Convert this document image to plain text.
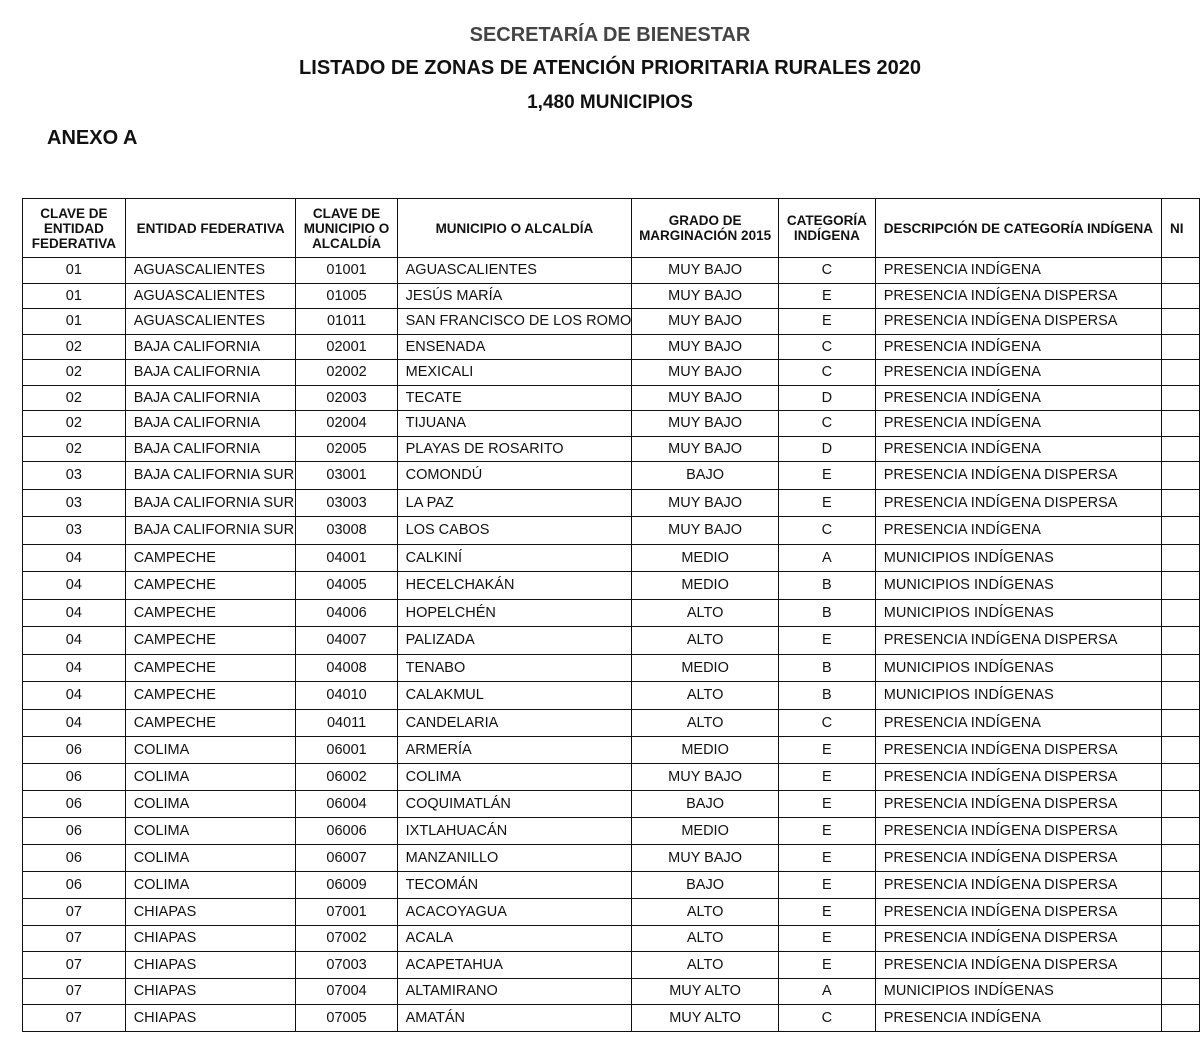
SECRETARÍA DE BIENESTAR
LISTADO DE ZONAS DE ATENCIÓN PRIORITARIA RURALES 2020
1,480 MUNICIPIOS
ANEXO A
CLAVE DE ENTIDAD FEDERATIVA	ENTIDAD FEDERATIVA	CLAVE DE MUNICIPIO O ALCALDÍA	MUNICIPIO O ALCALDÍA	GRADO DE MARGINACIÓN 2015	CATEGORÍA INDÍGENA	DESCRIPCIÓN DE CATEGORÍA INDÍGENA	NI
01	AGUASCALIENTES	01001	AGUASCALIENTES	MUY BAJO	C	PRESENCIA INDÍGENA	
01	AGUASCALIENTES	01005	JESÚS MARÍA	MUY BAJO	E	PRESENCIA INDÍGENA DISPERSA	
01	AGUASCALIENTES	01011	SAN FRANCISCO DE LOS ROMO	MUY BAJO	E	PRESENCIA INDÍGENA DISPERSA	
02	BAJA CALIFORNIA	02001	ENSENADA	MUY BAJO	C	PRESENCIA INDÍGENA	
02	BAJA CALIFORNIA	02002	MEXICALI	MUY BAJO	C	PRESENCIA INDÍGENA	
02	BAJA CALIFORNIA	02003	TECATE	MUY BAJO	D	PRESENCIA INDÍGENA	
02	BAJA CALIFORNIA	02004	TIJUANA	MUY BAJO	C	PRESENCIA INDÍGENA	
02	BAJA CALIFORNIA	02005	PLAYAS DE ROSARITO	MUY BAJO	D	PRESENCIA INDÍGENA	
03	BAJA CALIFORNIA SUR	03001	COMONDÚ	BAJO	E	PRESENCIA INDÍGENA DISPERSA	
03	BAJA CALIFORNIA SUR	03003	LA PAZ	MUY BAJO	E	PRESENCIA INDÍGENA DISPERSA	
03	BAJA CALIFORNIA SUR	03008	LOS CABOS	MUY BAJO	C	PRESENCIA INDÍGENA	
04	CAMPECHE	04001	CALKINÍ	MEDIO	A	MUNICIPIOS INDÍGENAS	
04	CAMPECHE	04005	HECELCHAKÁN	MEDIO	B	MUNICIPIOS INDÍGENAS	
04	CAMPECHE	04006	HOPELCHÉN	ALTO	B	MUNICIPIOS INDÍGENAS	
04	CAMPECHE	04007	PALIZADA	ALTO	E	PRESENCIA INDÍGENA DISPERSA	
04	CAMPECHE	04008	TENABO	MEDIO	B	MUNICIPIOS INDÍGENAS	
04	CAMPECHE	04010	CALAKMUL	ALTO	B	MUNICIPIOS INDÍGENAS	
04	CAMPECHE	04011	CANDELARIA	ALTO	C	PRESENCIA INDÍGENA	
06	COLIMA	06001	ARMERÍA	MEDIO	E	PRESENCIA INDÍGENA DISPERSA	
06	COLIMA	06002	COLIMA	MUY BAJO	E	PRESENCIA INDÍGENA DISPERSA	
06	COLIMA	06004	COQUIMATLÁN	BAJO	E	PRESENCIA INDÍGENA DISPERSA	
06	COLIMA	06006	IXTLAHUACÁN	MEDIO	E	PRESENCIA INDÍGENA DISPERSA	
06	COLIMA	06007	MANZANILLO	MUY BAJO	E	PRESENCIA INDÍGENA DISPERSA	
06	COLIMA	06009	TECOMÁN	BAJO	E	PRESENCIA INDÍGENA DISPERSA	
07	CHIAPAS	07001	ACACOYAGUA	ALTO	E	PRESENCIA INDÍGENA DISPERSA	
07	CHIAPAS	07002	ACALA	ALTO	E	PRESENCIA INDÍGENA DISPERSA	
07	CHIAPAS	07003	ACAPETAHUA	ALTO	E	PRESENCIA INDÍGENA DISPERSA	
07	CHIAPAS	07004	ALTAMIRANO	MUY ALTO	A	MUNICIPIOS INDÍGENAS	
07	CHIAPAS	07005	AMATÁN	MUY ALTO	C	PRESENCIA INDÍGENA	
